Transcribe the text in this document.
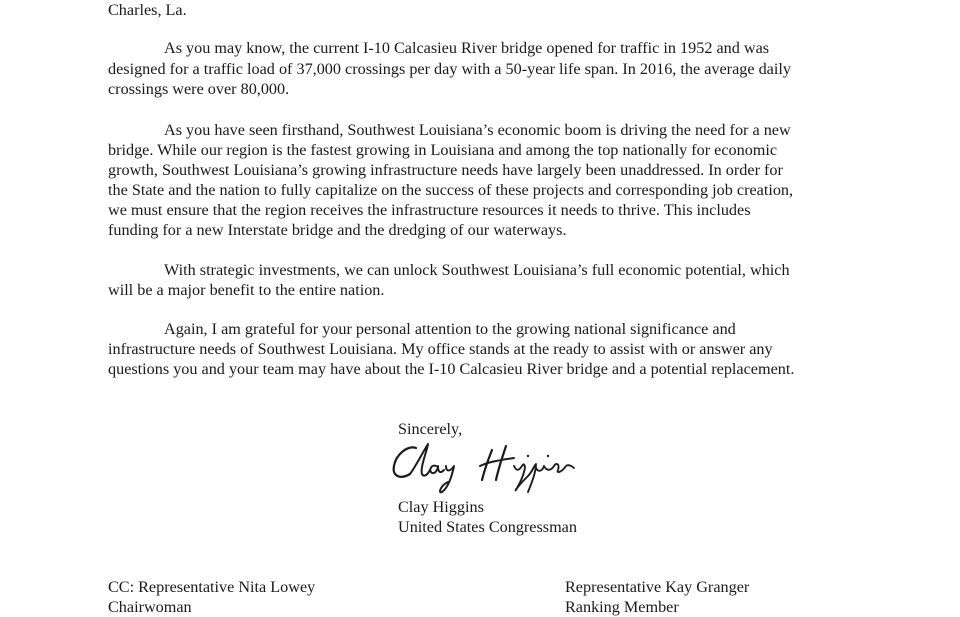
Charles, La.
As you may know, the current I-10 Calcasieu River bridge opened for traffic in 1952 and was
designed for a traffic load of 37,000 crossings per day with a 50-year life span. In 2016, the average daily
crossings were over 80,000.
As you have seen firsthand, Southwest Louisiana’s economic boom is driving the need for a new
bridge. While our region is the fastest growing in Louisiana and among the top nationally for economic
growth, Southwest Louisiana’s growing infrastructure needs have largely been unaddressed. In order for
the State and the nation to fully capitalize on the success of these projects and corresponding job creation,
we must ensure that the region receives the infrastructure resources it needs to thrive. This includes
funding for a new Interstate bridge and the dredging of our waterways.
With strategic investments, we can unlock Southwest Louisiana’s full economic potential, which
will be a major benefit to the entire nation.
Again, I am grateful for your personal attention to the growing national significance and
infrastructure needs of Southwest Louisiana. My office stands at the ready to assist with or answer any
questions you and your team may have about the I-10 Calcasieu River bridge and a potential replacement.
Sincerely,
Clay Higgins
United States Congressman
CC: Representative Nita Lowey
Chairwoman
Representative Kay Granger
Ranking Member
